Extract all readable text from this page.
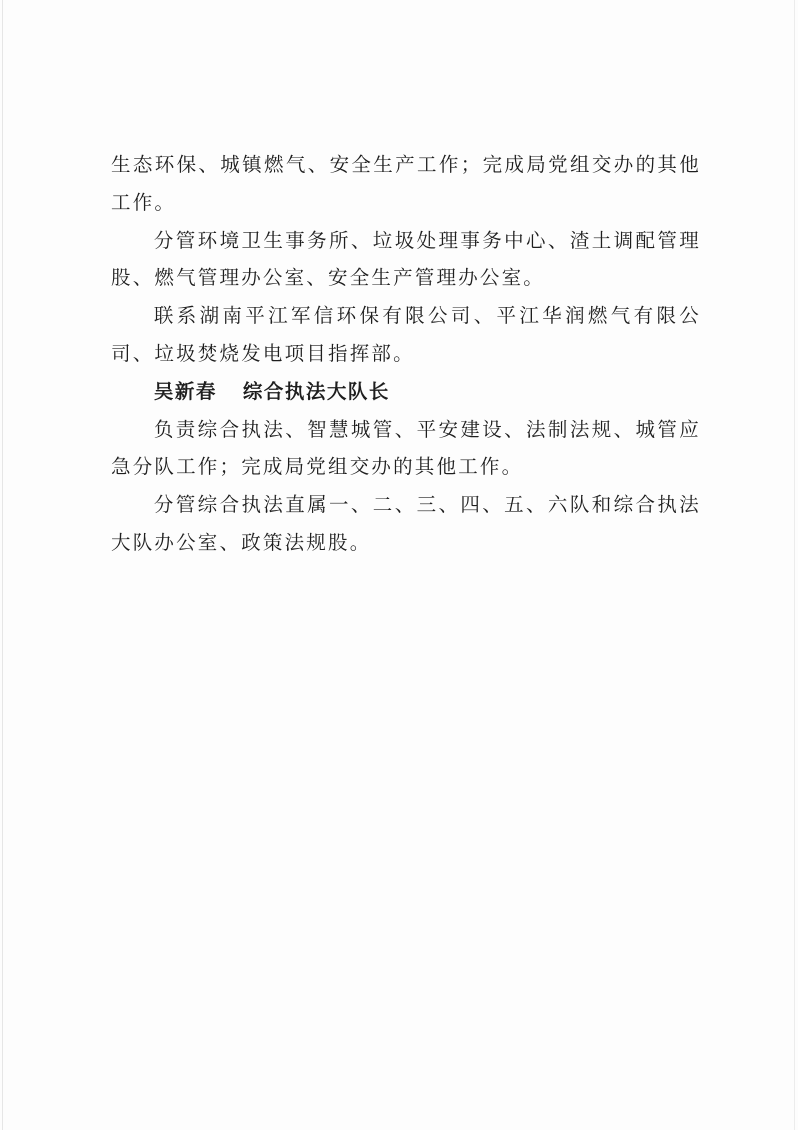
生态环保、城镇燃气、安全生产工作；完成局党组交办的其他工作。

分管环境卫生事务所、垃圾处理事务中心、渣土调配管理股、燃气管理办公室、安全生产管理办公室。

联系湖南平江军信环保有限公司、平江华润燃气有限公司、垃圾焚烧发电项目指挥部。

吴新春 综合执法大队长

负责综合执法、智慧城管、平安建设、法制法规、城管应急分队工作；完成局党组交办的其他工作。

分管综合执法直属一、二、三、四、五、六队和综合执法大队办公室、政策法规股。
